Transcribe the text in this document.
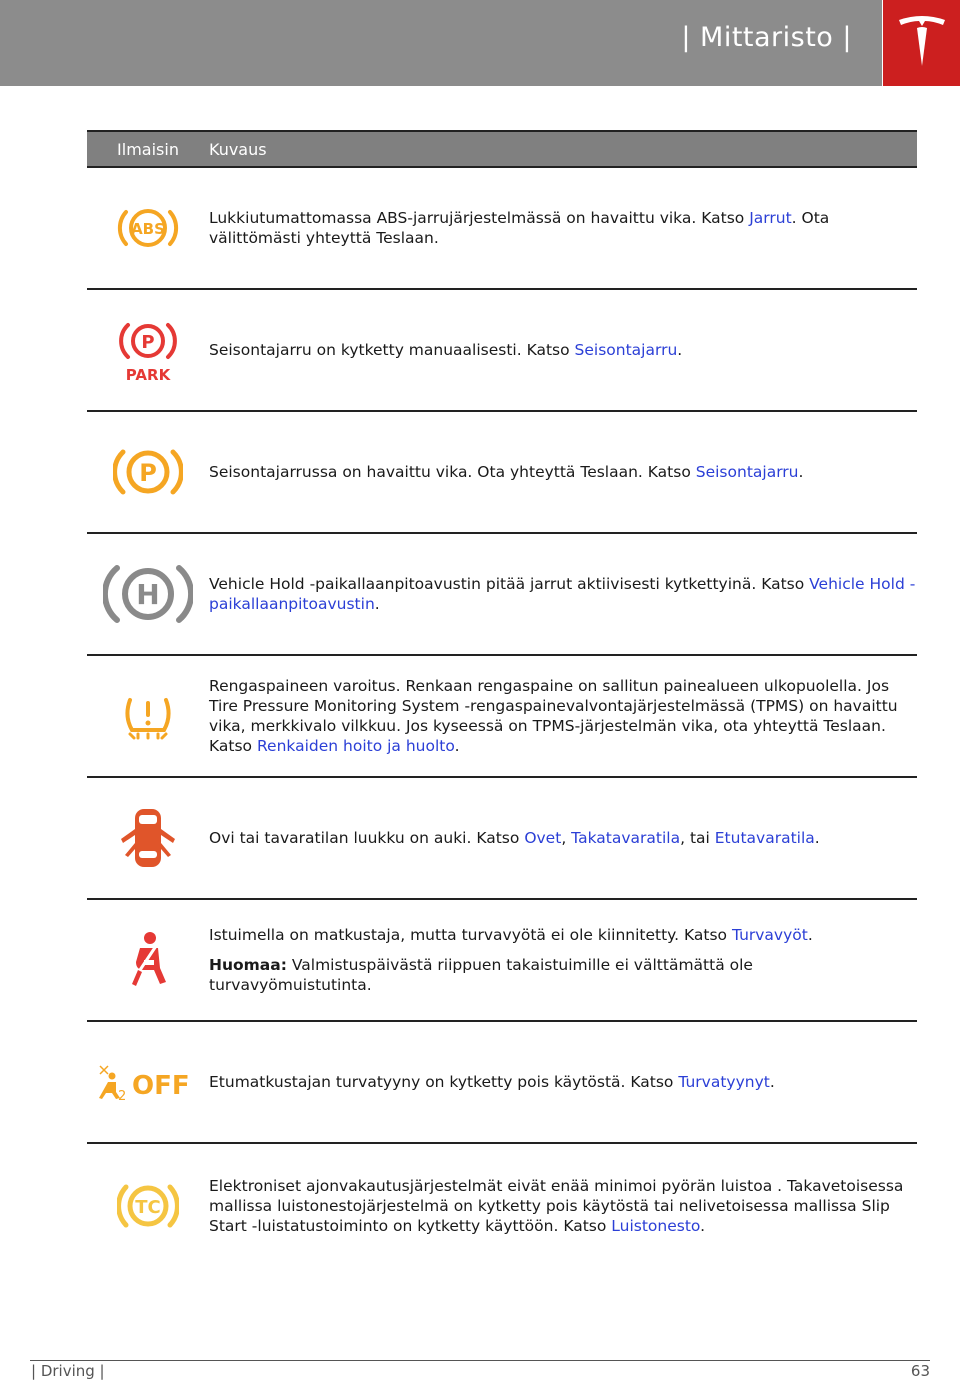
| Mittaristo |
Ilmaisin	Kuvaus

ABS	Lukkiutumattomassa ABS-jarrujärjestelmässä on havaittu vika. Katso Jarrut. Ota välittömästi yhteyttä Teslaan.

P
PARK	Seisontajarru on kytketty manuaalisesti. Katso Seisontajarru.

P	Seisontajarrussa on havaittu vika. Ota yhteyttä Teslaan. Katso Seisontajarru.

H	Vehicle Hold -paikallaanpitoavustin pitää jarrut aktiivisesti kytkettyinä. Katso Vehicle Hold -paikallaanpitoavustin.

	Rengaspaineen varoitus. Renkaan rengaspaine on sallitun painealueen ulkopuolella. Jos Tire Pressure Monitoring System -rengaspainevalvontajärjestelmässä (TPMS) on havaittu vika, merkkivalo vilkkuu. Jos kyseessä on TPMS-järjestelmän vika, ota yhteyttä Teslaan. Katso Renkaiden hoito ja huolto.

	Ovi tai tavaratilan luukku on auki. Katso Ovet, Takatavaratila, tai Etutavaratila.

Istuimella on matkustaja, mutta turvavyötä ei ole kiinnitetty. Katso Turvavyöt.
Huomaa: Valmistuspäivästä riippuen takaistuimille ei välttämättä ole turvavyömuistutinta.

2 OFF	Etumatkustajan turvatyyny on kytketty pois käytöstä. Katso Turvatyynyt.

TC	Elektroniset ajonvakautusjärjestelmät eivät enää minimoi pyörän luistoa . Takavetoisessa mallissa luistonestojärjestelmä on kytketty pois käytöstä tai nelivetoisessa mallissa Slip Start -luistatustoiminto on kytketty käyttöön. Katso Luistonesto.
| Driving |	63
